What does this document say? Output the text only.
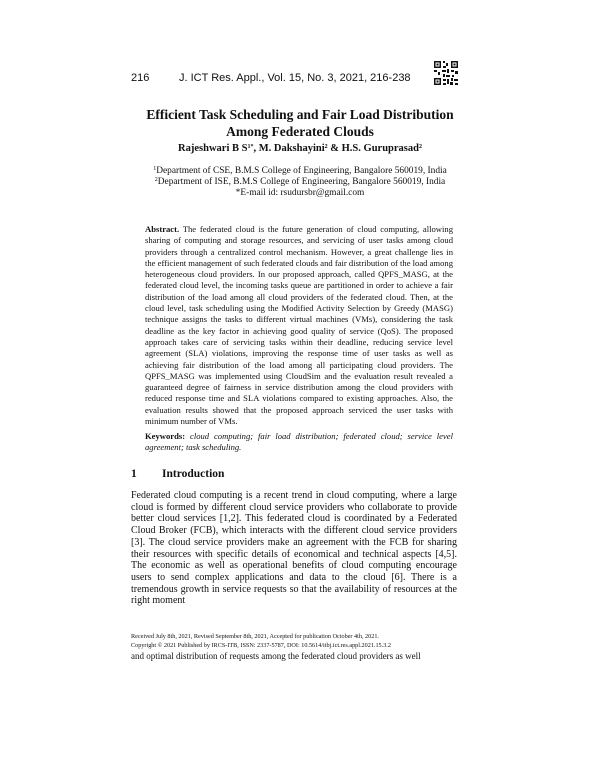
216	J. ICT Res. Appl., Vol. 15, No. 3, 2021, 216-238
Efficient Task Scheduling and Fair Load Distribution
Among Federated Clouds

Rajeshwari B $S^{1*}$, M. Dakshayini$^2$ & H.S. Guruprasad$^2$

$^1$Department of CSE, B.M.S College of Engineering, Bangalore 560019, India
$^2$Department of ISE, B.M.S College of Engineering, Bangalore 560019, India
*E-mail id: rsudursbr@gmail.com

Abstract. The federated cloud is the future generation of cloud computing, allowing sharing of computing and storage resources, and servicing of user tasks among cloud providers through a centralized control mechanism. However, a great challenge lies in the efficient management of such federated clouds and fair distribution of the load among heterogeneous cloud providers. In our proposed approach, called QPFS_MASG, at the federated cloud level, the incoming tasks queue are partitioned in order to achieve a fair distribution of the load among all cloud providers of the federated cloud. Then, at the cloud level, task scheduling using the Modified Activity Selection by Greedy (MASG) technique assigns the tasks to different virtual machines (VMs), considering the task deadline as the key factor in achieving good quality of service (QoS). The proposed approach takes care of servicing tasks within their deadline, reducing service level agreement (SLA) violations, improving the response time of user tasks as well as achieving fair distribution of the load among all participating cloud providers. The QPFS_MASG was implemented using CloudSim and the evaluation result revealed a guaranteed degree of fairness in service distribution among the cloud providers with reduced response time and SLA violations compared to existing approaches. Also, the evaluation results showed that the proposed approach serviced the user tasks with minimum number of VMs.

Keywords: cloud computing; fair load distribution; federated cloud; service level agreement; task scheduling.

1 Introduction

Federated cloud computing is a recent trend in cloud computing, where a large cloud is formed by different cloud service providers who collaborate to provide better cloud services [1,2]. This federated cloud is coordinated by a Federated Cloud Broker (FCB), which interacts with the different cloud service providers [3]. The cloud service providers make an agreement with the FCB for sharing their resources with specific details of economical and technical aspects [4,5]. The economic as well as operational benefits of cloud computing encourage users to send complex applications and data to the cloud [6]. There is a tremendous growth in service requests so that the availability of resources at the right moment

Received July 8th, 2021, Revised September 8th, 2021, Accepted for publication October 4th, 2021.
Copyright © 2021 Published by IRCS-ITB, ISSN: 2337-5787, DOI: 10.5614/itbj.ict.res.appl.2021.15.3.2
and optimal distribution of requests among the federated cloud providers as well
